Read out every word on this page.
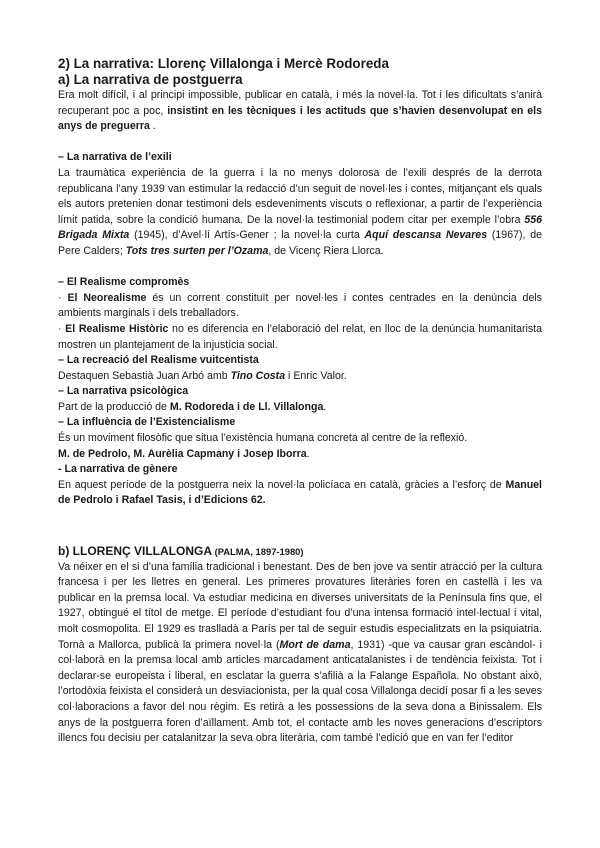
2) La narrativa: Llorenç Villalonga i Mercè Rodoreda
a) La narrativa de postguerra

Era molt difícil, i al principi impossible, publicar en català, i més la novel·la. Tot i les dificultats s’anirà recuperant poc a poc, insistint en les tècniques i les actituds que s’havien desenvolupat en els anys de preguerra .

– La narrativa de l’exili

La traumàtica experiència de la guerra i la no menys dolorosa de l’exili després de la derrota republicana l’any 1939 van estimular la redacció d’un seguit de novel·les i contes, mitjançant els quals els autors pretenien donar testimoni dels esdeveniments viscuts o reflexionar, a partir de l’experiència límit patida, sobre la condició humana. De la novel·la testimonial podem citar per exemple l’obra 556 Brigada Mixta (1945), d’Avel·lí Artís-Gener ; la novel·la curta Aquí descansa Nevares (1967), de Pere Calders; Tots tres surten per l’Ozama, de Vicenç Riera Llorca.

– El Realisme compromès

· El Neorealisme és un corrent constituït per novel·les i contes centrades en la denúncia dels ambients marginals i dels treballadors.

· El Realisme Històric no es diferencia en l’elaboració del relat, en lloc de la denúncia humanitarista mostren un plantejament de la injustícia social.

– La recreació del Realisme vuitcentista

Destaquen Sebastià Juan Arbó amb Tino Costa i Enric Valor.

– La narrativa psicològica

Part de la producció de M. Rodoreda i de Ll. Villalonga.

– La influència de l’Existencialisme

És un moviment filosòfic que situa l’existència humana concreta al centre de la reflexió.

M. de Pedrolo, M. Aurèlia Capmany i Josep Iborra.

- La narrativa de gènere

En aquest període de la postguerra neix la novel·la policíaca en català, gràcies a l’esforç de Manuel de Pedrolo i Rafael Tasis, i d’Edicions 62.

b) LLORENÇ VILLALONGA (PALMA, 1897-1980)

Va néixer en el si d’una família tradicional i benestant. Des de ben jove va sentir atracció per la cultura francesa i per les lletres en general. Les primeres provatures literàries foren en castellà i les va publicar en la premsa local. Va estudiar medicina en diverses universitats de la Península fins que, el 1927, obtingué el títol de metge. El període d’estudiant fou d’una intensa formació intel·lectual i vital, molt cosmopolita. El 1929 es traslladà a París per tal de seguir estudis especialitzats en la psiquiatria. Tornà a Mallorca, publicà la primera novel·la (Mort de dama, 1931) -que va causar gran escàndol- i col·laborà en la premsa local amb articles marcadament anticatalanistes i de tendència feixista. Tot i declarar-se europeista i liberal, en esclatar la guerra s’afilià a la Falange Española. No obstant això, l’ortodòxia feixista el considerà un desviacionista, per la qual cosa Villalonga decidí posar fi a les seves col·laboracions a favor del nou règim. Es retirà a les possessions de la seva dona a Binissalem. Els anys de la postguerra foren d’aïllament. Amb tot, el contacte amb les noves generacions d’escriptors illencs fou decisiu per catalanitzar la seva obra literària, com també l’edició que en van fer l’editor
